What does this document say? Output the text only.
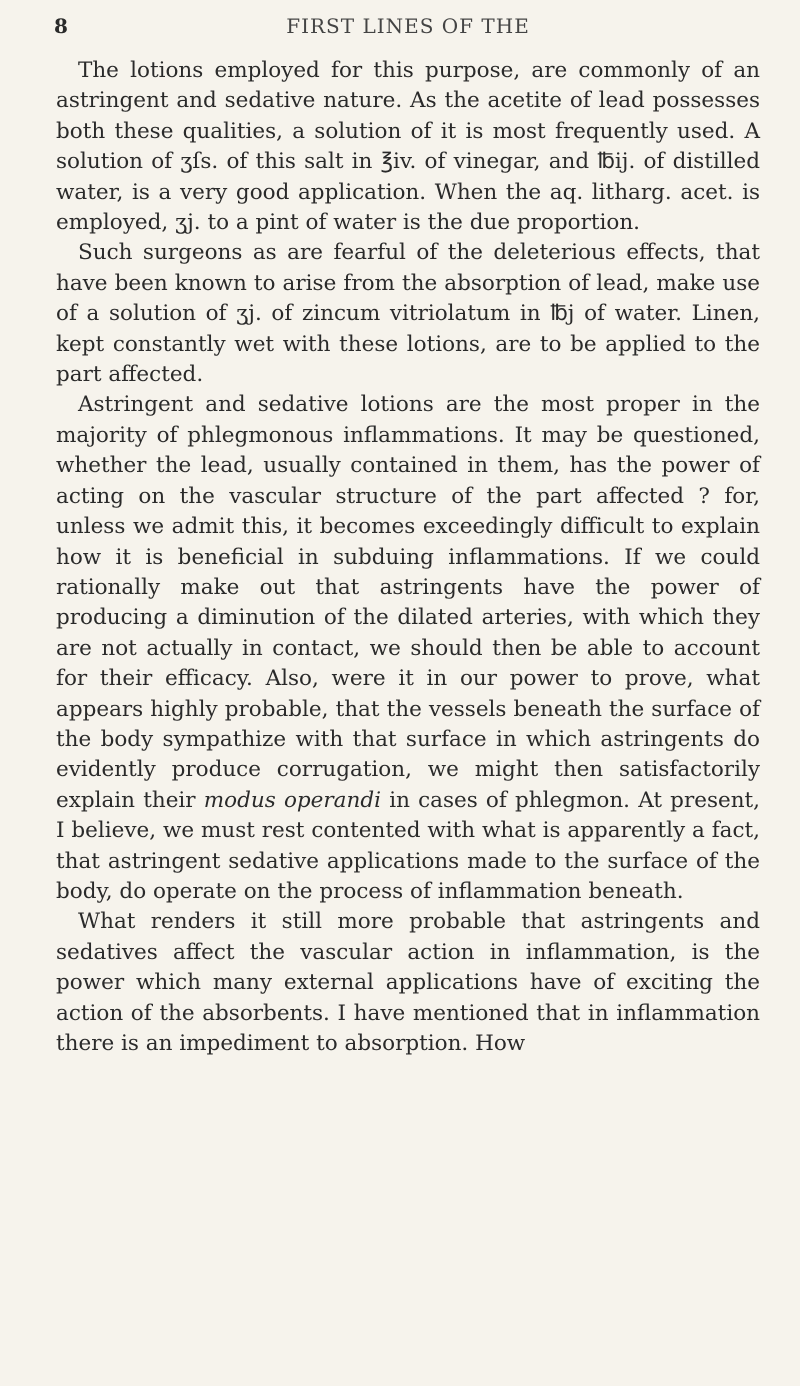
8	FIRST LINES OF THE

The lotions employed for this purpose, are commonly of an astringent and sedative nature. As the acetite of lead possesses both these qualities, a solution of it is most frequently used. A solution of ʒſs. of this salt in ℥iv. of vinegar, and ℔ij. of distilled water, is a very good application. When the aq. litharg. acet. is employed, ʒj. to a pint of water is the due proportion.

Such surgeons as are fearful of the deleterious effects, that have been known to arise from the absorption of lead, make use of a solution of ʒj. of zincum vitriolatum in ℔j of water. Linen, kept constantly wet with these lotions, are to be applied to the part affected.

Astringent and sedative lotions are the most proper in the majority of phlegmonous inflammations. It may be questioned, whether the lead, usually contained in them, has the power of acting on the vascular structure of the part affected ? for, unless we admit this, it becomes exceedingly difficult to explain how it is beneficial in subduing inflammations. If we could rationally make out that astringents have the power of producing a diminution of the dilated arteries, with which they are not actually in contact, we should then be able to account for their efficacy. Also, were it in our power to prove, what appears highly probable, that the vessels beneath the surface of the body sympathize with that surface in which astringents do evidently produce corrugation, we might then satisfactorily explain their modus operandi in cases of phlegmon. At present, I believe, we must rest contented with what is apparently a fact, that astringent sedative applications made to the surface of the body, do operate on the process of inflammation beneath.

What renders it still more probable that astringents and sedatives affect the vascular action in inflammation, is the power which many external applications have of exciting the action of the absorbents. I have mentioned that in inflammation there is an impediment to absorption. How
